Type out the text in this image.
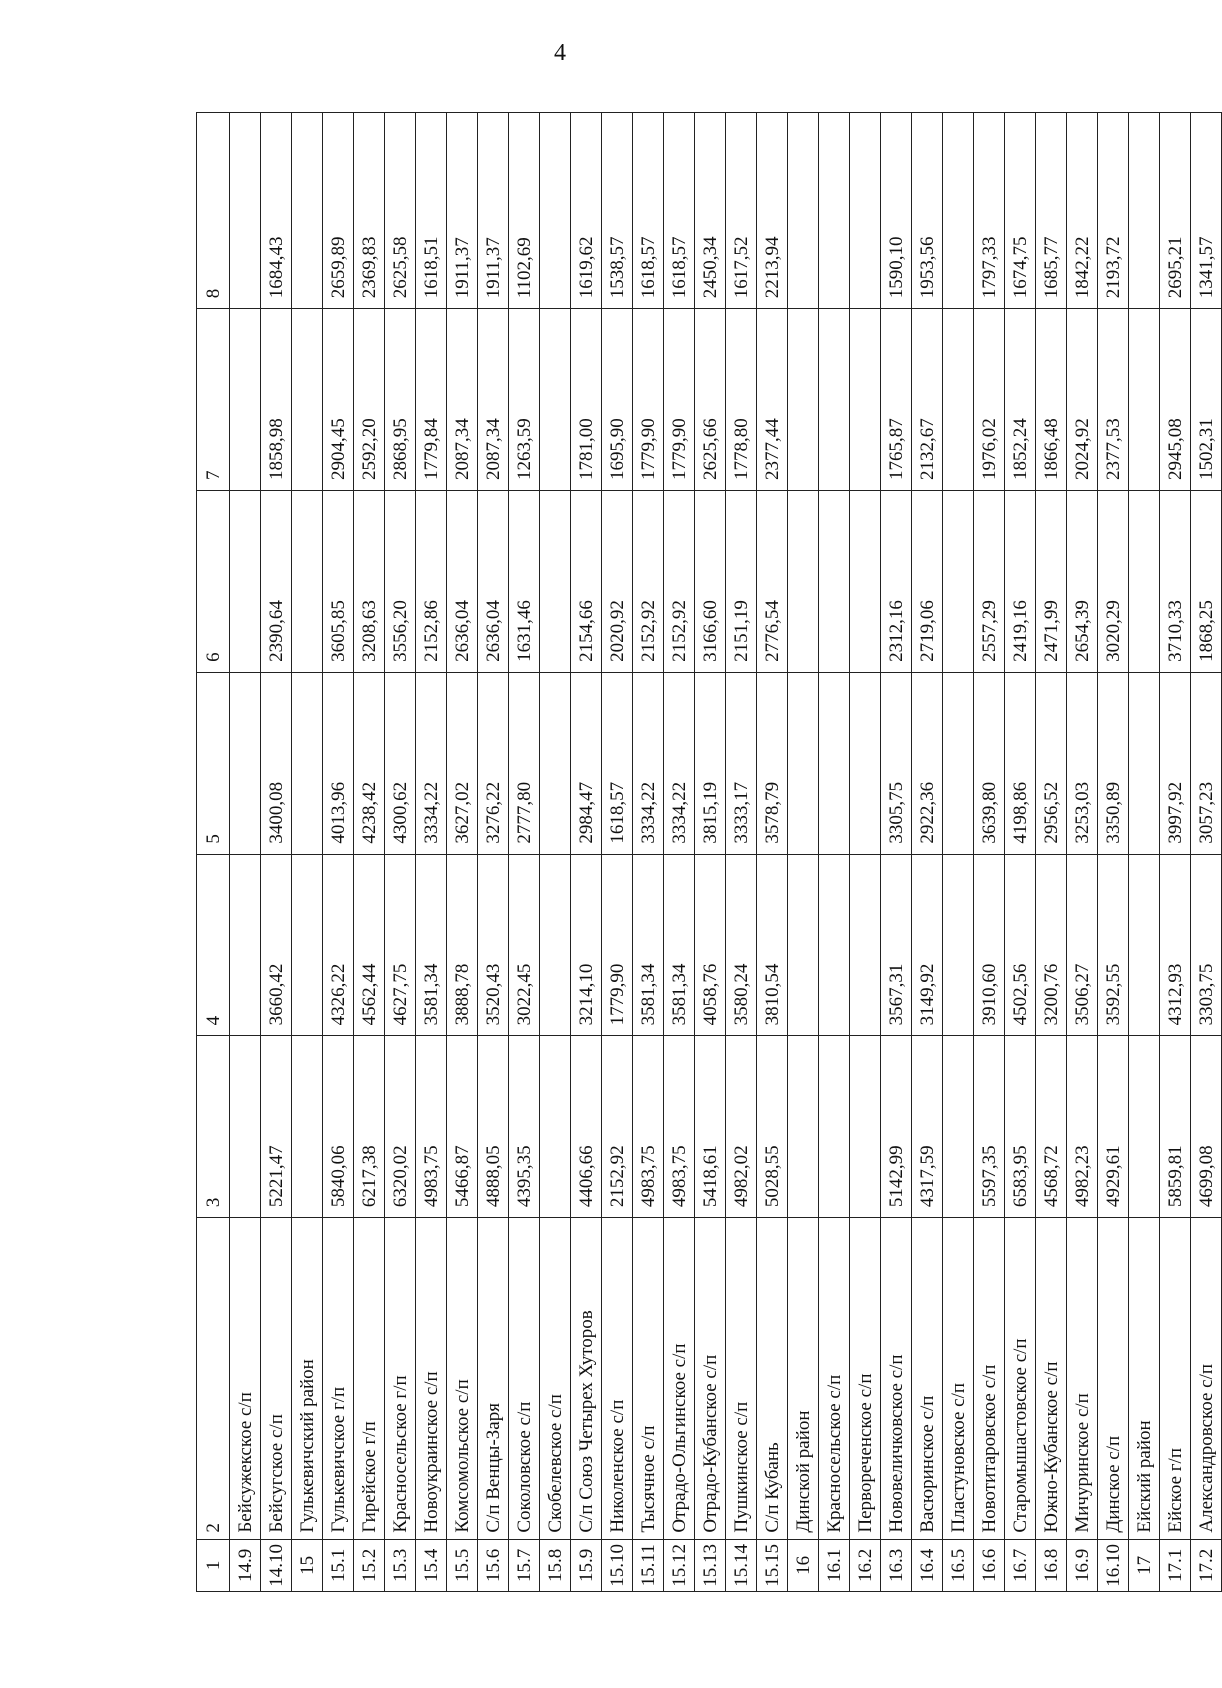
4
1	2	3	4	5	6	7	8
14.9	Бейсужекское с/п						
14.10	Бейсугское с/п	5221,47	3660,42	3400,08	2390,64	1858,98	1684,43
15	Гулькевичский район						
15.1	Гулькевичское г/п	5840,06	4326,22	4013,96	3605,85	2904,45	2659,89
15.2	Гирейское г/п	6217,38	4562,44	4238,42	3208,63	2592,20	2369,83
15.3	Красносельское г/п	6320,02	4627,75	4300,62	3556,20	2868,95	2625,58
15.4	Новоукраинское с/п	4983,75	3581,34	3334,22	2152,86	1779,84	1618,51
15.5	Комсомольское с/п	5466,87	3888,78	3627,02	2636,04	2087,34	1911,37
15.6	С/п Венцы-Заря	4888,05	3520,43	3276,22	2636,04	2087,34	1911,37
15.7	Соколовское с/п	4395,35	3022,45	2777,80	1631,46	1263,59	1102,69
15.8	Скобелевское с/п						
15.9	С/п Союз Четырех Хуторов	4406,66	3214,10	2984,47	2154,66	1781,00	1619,62
15.10	Николенское с/п	2152,92	1779,90	1618,57	2020,92	1695,90	1538,57
15.11	Тысячное с/п	4983,75	3581,34	3334,22	2152,92	1779,90	1618,57
15.12	Отрадо-Ольгинское с/п	4983,75	3581,34	3334,22	2152,92	1779,90	1618,57
15.13	Отрадо-Кубанское с/п	5418,61	4058,76	3815,19	3166,60	2625,66	2450,34
15.14	Пушкинское с/п	4982,02	3580,24	3333,17	2151,19	1778,80	1617,52
15.15	С/п Кубань	5028,55	3810,54	3578,79	2776,54	2377,44	2213,94
16	Динской район						
16.1	Красносельское с/п						
16.2	Первореченское с/п						
16.3	Нововеличковское с/п	5142,99	3567,31	3305,75	2312,16	1765,87	1590,10
16.4	Васюринское с/п	4317,59	3149,92	2922,36	2719,06	2132,67	1953,56
16.5	Пластуновское с/п						
16.6	Новотитаровское с/п	5597,35	3910,60	3639,80	2557,29	1976,02	1797,33
16.7	Старомышастовское с/п	6583,95	4502,56	4198,86	2419,16	1852,24	1674,75
16.8	Южно-Кубанское с/п	4568,72	3200,76	2956,52	2471,99	1866,48	1685,77
16.9	Мичуринское с/п	4982,23	3506,27	3253,03	2654,39	2024,92	1842,22
16.10	Динское с/п	4929,61	3592,55	3350,89	3020,29	2377,53	2193,72
17	Ейский район						
17.1	Ейское г/п	5859,81	4312,93	3997,92	3710,33	2945,08	2695,21
17.2	Александровское с/п	4699,08	3303,75	3057,23	1868,25	1502,31	1341,57
